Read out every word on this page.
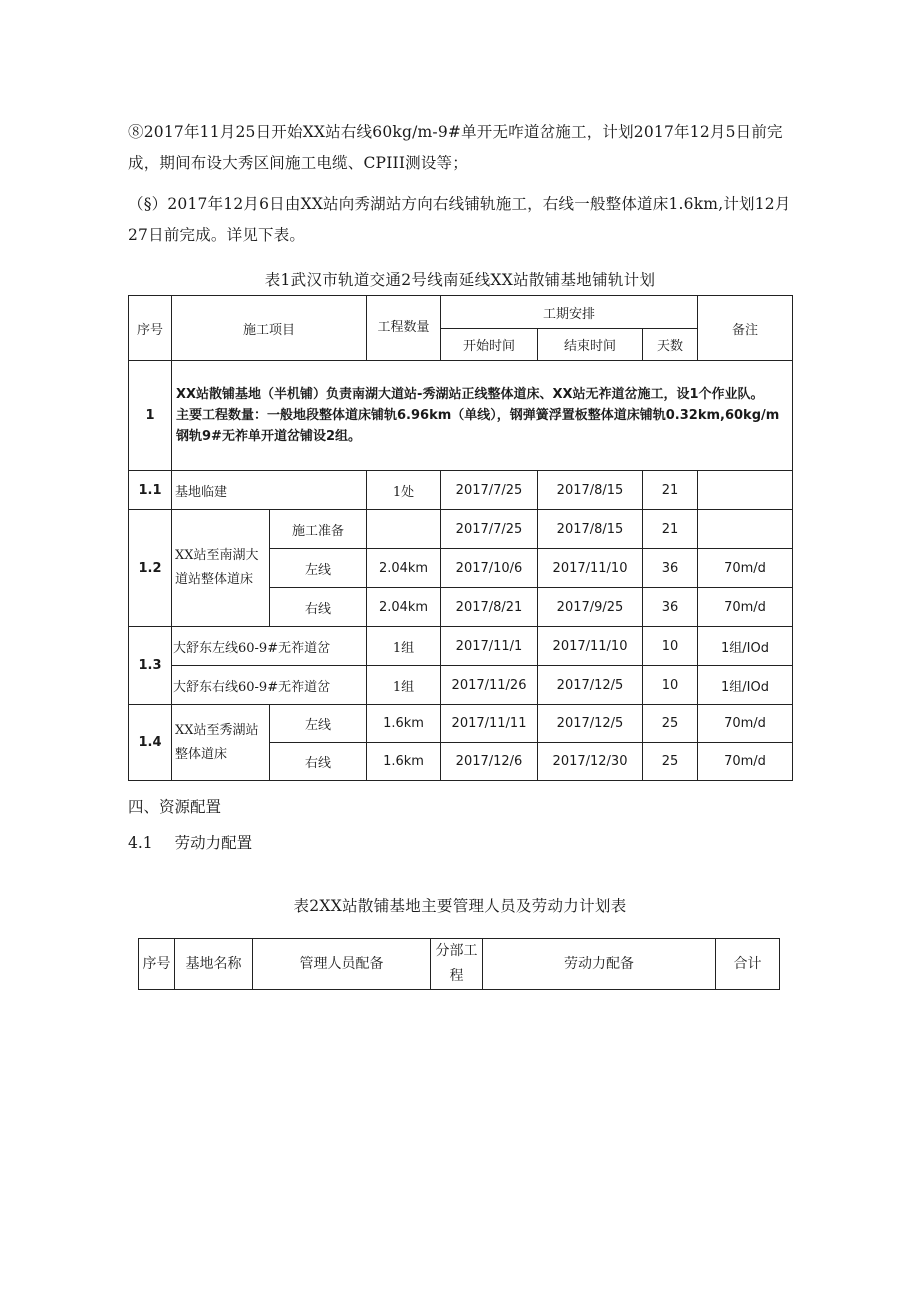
⑧2017年11月25日开始XX站右线60kg/m-9#单开无咋道岔施工，计划2017年12月5日前完成，期间布设大秀区间施工电缆、CPIII测设等；
（§）2017年12月6日由XX站向秀湖站方向右线铺轨施工，右线一般整体道床1.6km,计划12月27日前完成。详见下表。
表1武汉市轨道交通2号线南延线XX站散铺基地铺轨计划
序号	施工项目		工程数量	工期安排			备注
				开始时间	结束时间	天数	
1	XX站散铺基地（半机铺）负责南湖大道站-秀湖站正线整体道床、XX站无祚道岔施工，设1个作业队。
主要工程数量：一般地段整体道床铺轨6.96km（单线），钢弹簧浮置板整体道床铺轨0.32km,60kg/m钢轨9#无祚单开道岔铺设2组。						

1.1	基地临建		1处	2017/7/25	2017/8/15	21	
1.2	XX站至南湖大道站整体道床	施工准备		2017/7/25	2017/8/15	21	
		左线	2.04km	2017/10/6	2017/11/10	36	70m/d
		右线	2.04km	2017/8/21	2017/9/25	36	70m/d
1.3	大舒东左线60-9#无祚道岔		1组	2017/11/1	2017/11/10	10	1组/IOd
	大舒东右线60-9#无祚道岔		1组	2017/11/26	2017/12/5	10	1组/IOd
1.4	XX站至秀湖站整体道床	左线	1.6km	2017/11/11	2017/12/5	25	70m/d
		右线	1.6km	2017/12/6	2017/12/30	25	70m/d
四、资源配置
4.1 劳动力配置
表2XX站散铺基地主要管理人员及劳动力计划表
序号	基地名称	管理人员配备	分部工程	劳动力配备	合计
